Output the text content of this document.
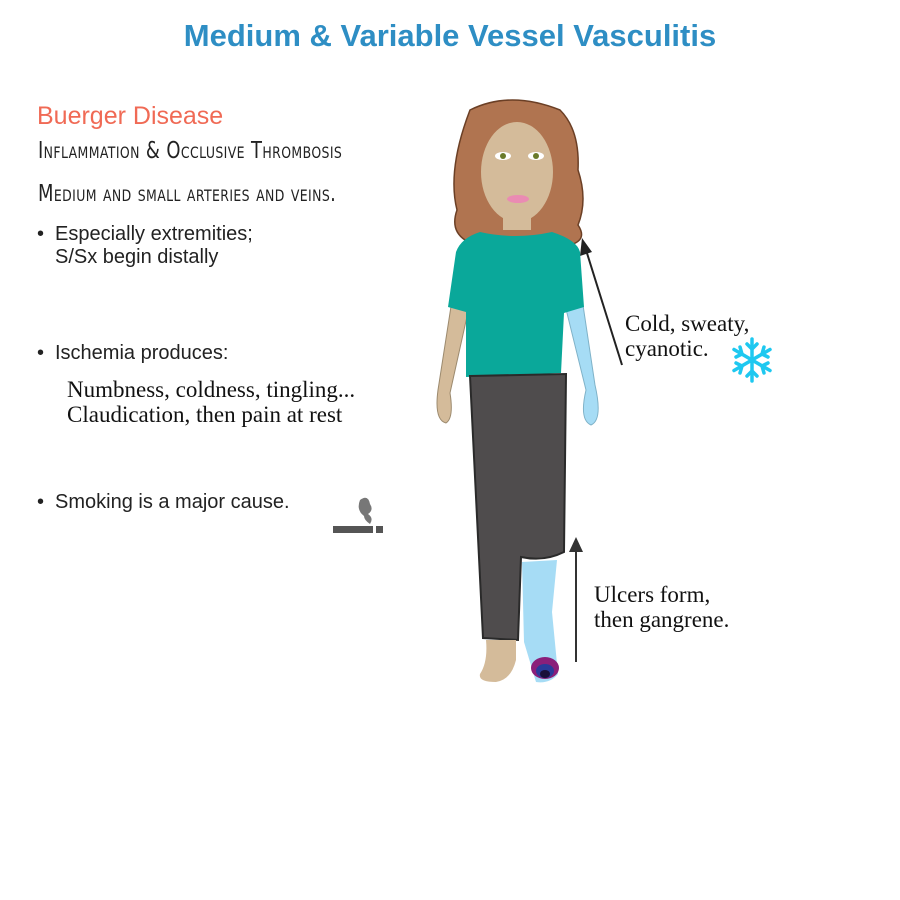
Medium & Variable Vessel Vasculitis
Buerger Disease
Inflammation & Occlusive Thrombosis
Medium and small arteries and veins.
• Especially extremities;
S/Sx begin distally
• Ischemia produces:
Numbness, coldness, tingling...
Claudication, then pain at rest
• Smoking is a major cause.
Cold, sweaty,
cyanotic.
Ulcers form,
then gangrene.
